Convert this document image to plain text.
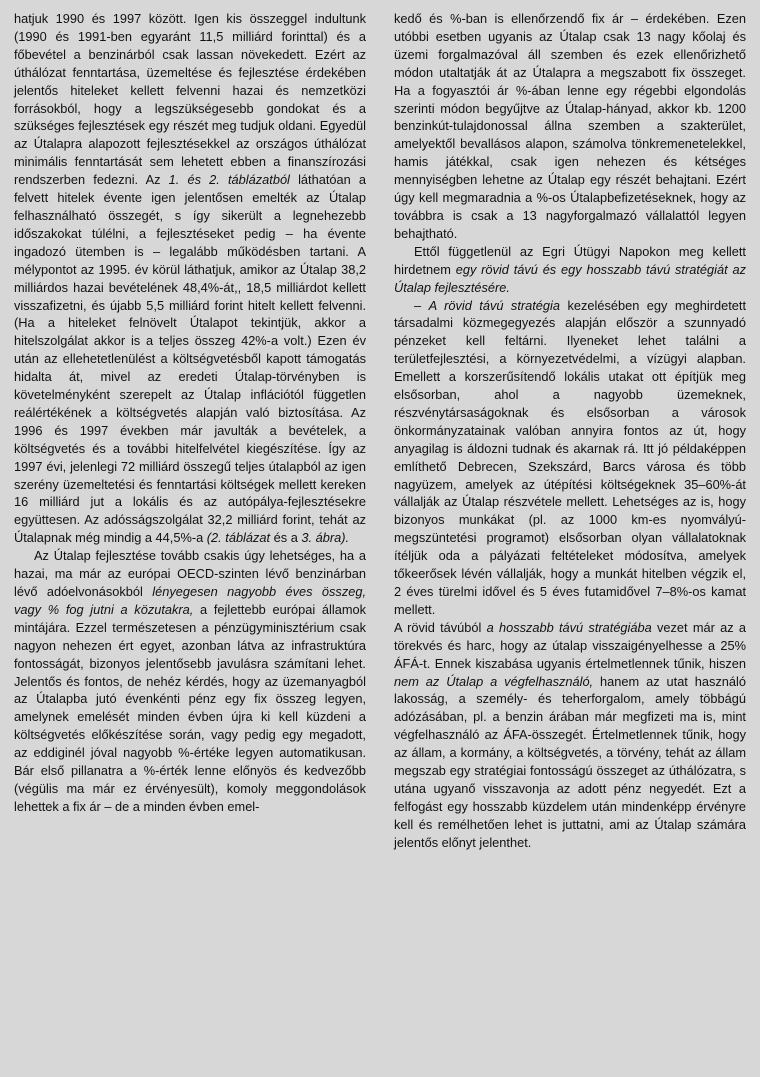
hatjuk 1990 és 1997 között. Igen kis összeggel indultunk (1990 és 1991-ben egyaránt 11,5 milliárd forinttal) és a főbevétel a benzinárból csak lassan növekedett. Ezért az úthálózat fenntartása, üzemeltése és fejlesztése érdekében jelentős hiteleket kellett felvenni hazai és nemzetközi forrásokból, hogy a legszükségesebb gondokat és a szükséges fejlesztések egy részét meg tudjuk oldani. Egyedül az Útalapra alapozott fejlesztésekkel az országos úthálózat minimális fenntartását sem lehetett ebben a finanszírozási rendszerben fedezni. Az 1. és 2. táblázatból láthatóan a felvett hitelek évente igen jelentősen emelték az Útalap felhasználható összegét, s így sikerült a legnehezebb időszakokat túlélni, a fejlesztéseket pedig – ha évente ingadozó ütemben is – legalább működésben tartani. A mélypontot az 1995. év körül láthatjuk, amikor az Útalap 38,2 milliárdos hazai bevételének 48,4%-át,, 18,5 milliárdot kellett visszafizetni, és újabb 5,5 milliárd forint hitelt kellett felvenni. (Ha a hiteleket felnövelt Útalapot tekintjük, akkor a hitelszolgálat akkor is a teljes összeg 42%-a volt.) Ezen év után az ellehetetlenülést a költségvetésből kapott támogatás hidalta át, mivel az eredeti Útalap-törvényben is követelményként szerepelt az Útalap inflációtól független reálértékének a költségvetés alapján való biztosítása. Az 1996 és 1997 években már javulták a bevételek, a költségvetés és a további hitelfelvétel kiegészítése. Így az 1997 évi, jelenlegi 72 milliárd összegű teljes útalapból az igen szerény üzemeltetési és fenntartási költségek mellett kereken 16 milliárd jut a lokális és az autópálya-fejlesztésekre együttesen. Az adósságszolgálat 32,2 milliárd forint, tehát az Útalapnak még mindig a 44,5%-a (2. táblázat és a 3. ábra).

Az Útalap fejlesztése tovább csakis úgy lehetséges, ha a hazai, ma már az európai OECD-szinten lévő benzinárban lévő adóelvonásokból lényegesen nagyobb éves összeg, vagy % fog jutni a közutakra, a fejlettebb európai államok mintájára. Ezzel természetesen a pénzügyminisztérium csak nagyon nehezen ért egyet, azonban látva az infrastruktúra fontosságát, bizonyos jelentősebb javulásra számítani lehet. Jelentős és fontos, de nehéz kérdés, hogy az üzemanyagból az Útalapba jutó évenkénti pénz egy fix összeg legyen, amelynek emelését minden évben újra ki kell küzdeni a költségvetés előkészítése során, vagy pedig egy megadott, az eddiginél jóval nagyobb %-értéke legyen automatikusan. Bár első pillanatra a %-érték lenne előnyös és kedvezőbb (végülis ma már ez érvényesült), komoly meggondolások lehettek a fix ár – de a minden évben emel-

kedő és %-ban is ellenőrzendő fix ár – érdekében. Ezen utóbbi esetben ugyanis az Útalap csak 13 nagy kőolaj és üzemi forgalmazóval áll szemben és ezek ellenőrizhető módon utaltatják át az Útalapra a megszabott fix összeget. Ha a fogyasztói ár %-ában lenne egy régebbi elgondolás szerinti módon begyűjtve az Útalap-hányad, akkor kb. 1200 benzinkút-tulajdonossal állna szemben a szakterület, amelyektől bevallásos alapon, számolva tönkremenetelekkel, hamis játékkal, csak igen nehezen és kétséges mennyiségben lehetne az Útalap egy részét behajtani. Ezért úgy kell megmaradnia a %-os Útalapbefizetéseknek, hogy az továbbra is csak a 13 nagyforgalmazó vállalattól legyen behajtható.

Ettől függetlenül az Egri Útügyi Napokon meg kellett hirdetnem egy rövid távú és egy hosszabb távú stratégiát az Útalap fejlesztésére.

– A rövid távú stratégia kezelésében egy meghirdetett társadalmi közmegegyezés alapján először a szunnyadó pénzeket kell feltárni. Ilyeneket lehet találni a területfejlesztési, a környezetvédelmi, a vízügyi alapban. Emellett a korszerűsítendő lokális utakat ott építjük meg elsősorban, ahol a nagyobb üzemeknek, részvénytársaságoknak és elsősorban a városok önkormányzatainak valóban annyira fontos az út, hogy anyagilag is áldozni tudnak és akarnak rá. Itt jó példaképpen említhető Debrecen, Szekszárd, Barcs városa és több nagyüzem, amelyek az útépítési költségeknek 35–60%-át vállalják az Útalap részvétele mellett. Lehetséges az is, hogy bizonyos munkákat (pl. az 1000 km-es nyomvályú-megszüntetési programot) elsősorban olyan vállalatoknak ítéljük oda a pályázati feltételeket módosítva, amelyek tőkeerősek lévén vállalják, hogy a munkát hitelben végzik el, 2 éves türelmi idővel és 5 éves futamidővel 7–8%-os kamat mellett.

A rövid távúból a hosszabb távú stratégiába vezet már az a törekvés és harc, hogy az útalap visszaigényelhesse a 25% ÁFÁ-t. Ennek kiszabása ugyanis értelmetlennek tűnik, hiszen nem az Útalap a végfelhasználó, hanem az utat használó lakosság, a személy- és teherforgalom, amely többágú adózásában, pl. a benzin árában már megfizeti ma is, mint végfelhasználó az ÁFA-összegét. Értelmetlennek tűnik, hogy az állam, a kormány, a költségvetés, a törvény, tehát az állam megszab egy stratégiai fontosságú összeget az úthálózatra, s utána ugyanő visszavonja az adott pénz negyedét. Ezt a felfogást egy hosszabb küzdelem után mindenképp érvényre kell és remélhetően lehet is juttatni, ami az Útalap számára jelentős előnyt jelenthet.
